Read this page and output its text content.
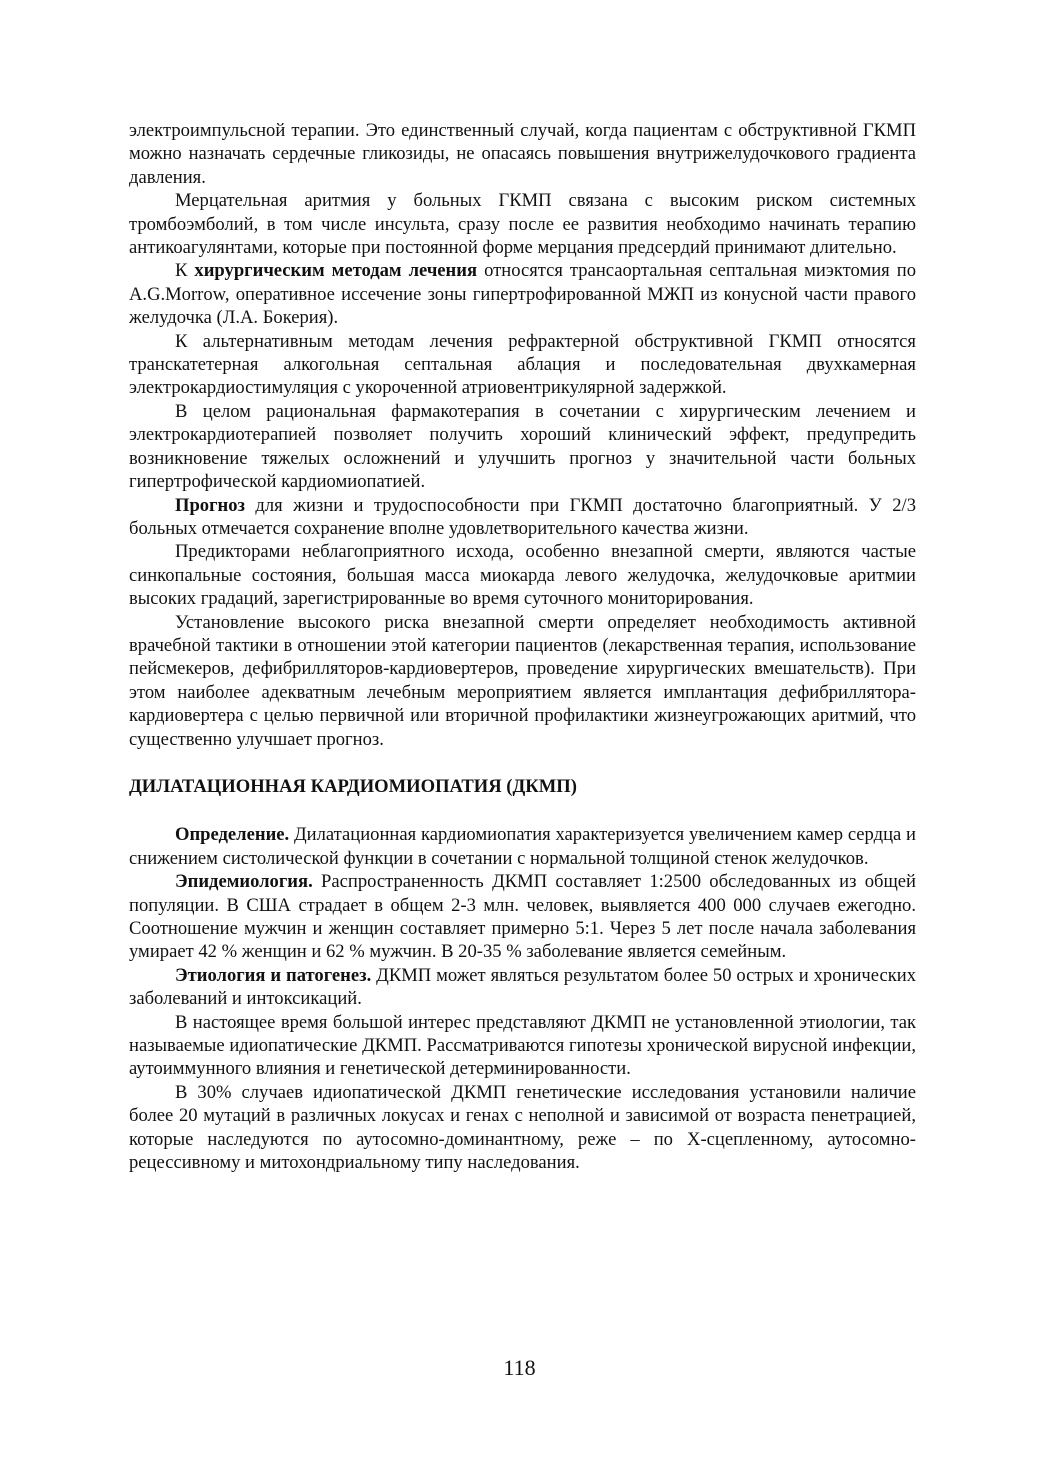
электроимпульсной терапии. Это единственный случай, когда пациентам с обструктивной ГКМП можно назначать сердечные гликозиды, не опасаясь повышения внутрижелудочкового градиента давления.

Мерцательная аритмия у больных ГКМП связана с высоким риском системных тромбоэмболий, в том числе инсульта, сразу после ее развития необходимо начинать терапию антикоагулянтами, которые при постоянной форме мерцания предсердий принимают длительно.

К хирургическим методам лечения относятся трансаортальная септальная миэктомия по A.G.Morrow, оперативное иссечение зоны гипертрофированной МЖП из конусной части правого желудочка (Л.А. Бокерия).

К альтернативным методам лечения рефрактерной обструктивной ГКМП относятся транскатетерная алкогольная септальная аблация и последовательная двухкамерная электрокардиостимуляция с укороченной атриовентрикулярной задержкой.

В целом рациональная фармакотерапия в сочетании с хирургическим лечением и электрокардиотерапией позволяет получить хороший клинический эффект, предупредить возникновение тяжелых осложнений и улучшить прогноз у значительной части больных гипертрофической кардиомиопатией.

Прогноз для жизни и трудоспособности при ГКМП достаточно благоприятный. У 2/3 больных отмечается сохранение вполне удовлетворительного качества жизни.

Предикторами неблагоприятного исхода, особенно внезапной смерти, являются частые синкопальные состояния, большая масса миокарда левого желудочка, желудочковые аритмии высоких градаций, зарегистрированные во время суточного мониторирования.

Установление высокого риска внезапной смерти определяет необходимость активной врачебной тактики в отношении этой категории пациентов (лекарственная терапия, использование пейсмекеров, дефибрилляторов-кардиовертеров, проведение хирургических вмешательств). При этом наиболее адекватным лечебным мероприятием является имплантация дефибриллятора-кардиовертера с целью первичной или вторичной профилактики жизнеугрожающих аритмий, что существенно улучшает прогноз.

ДИЛАТАЦИОННАЯ КАРДИОМИОПАТИЯ (ДКМП)

Определение. Дилатационная кардиомиопатия характеризуется увеличением камер сердца и снижением систолической функции в сочетании с нормальной толщиной стенок желудочков.

Эпидемиология. Распространенность ДКМП составляет 1:2500 обследованных из общей популяции. В США страдает в общем 2-3 млн. человек, выявляется 400 000 случаев ежегодно. Соотношение мужчин и женщин составляет примерно 5:1. Через 5 лет после начала заболевания умирает 42 % женщин и 62 % мужчин. В 20-35 % заболевание является семейным.

Этиология и патогенез. ДКМП может являться результатом более 50 острых и хронических заболеваний и интоксикаций.

В настоящее время большой интерес представляют ДКМП не установленной этиологии, так называемые идиопатические ДКМП. Рассматриваются гипотезы хронической вирусной инфекции, аутоиммунного влияния и генетической детерминированности.

В 30% случаев идиопатической ДКМП генетические исследования установили наличие более 20 мутаций в различных локусах и генах с неполной и зависимой от возраста пенетрацией, которые наследуются по аутосомно-доминантному, реже – по X-сцепленному, аутосомно-рецессивному и митохондриальному типу наследования.

118
